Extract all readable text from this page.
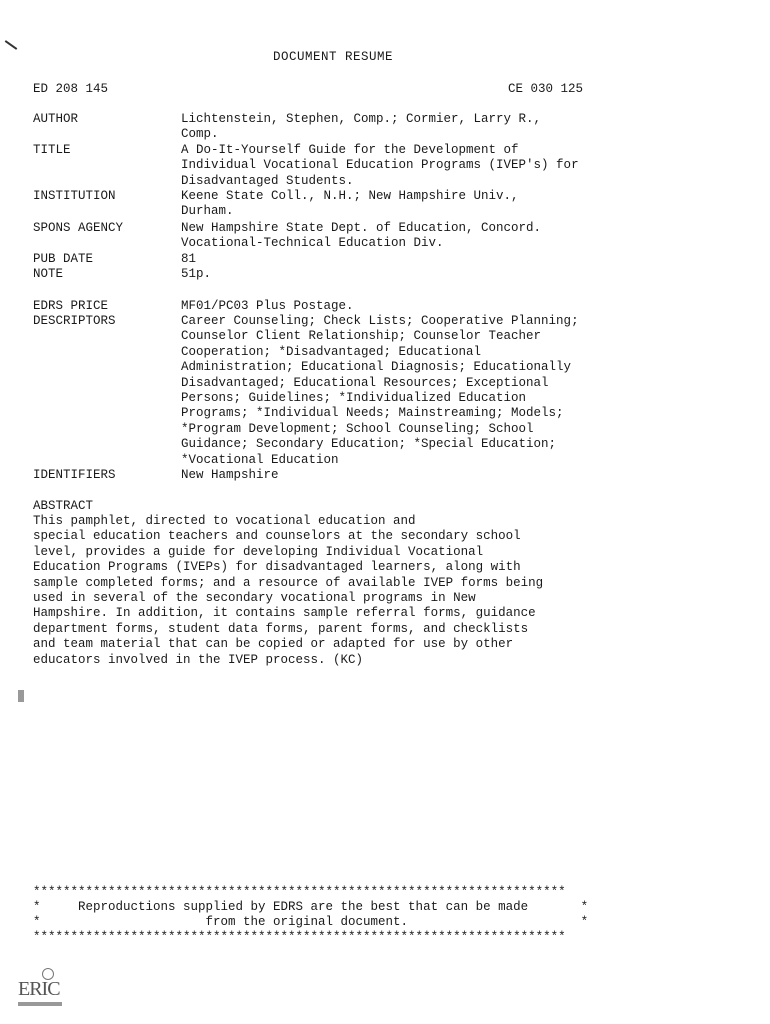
DOCUMENT RESUME
ED 208 145	CE 030 125
AUTHOR	Lichtenstein, Stephen, Comp.; Cormier, Larry R.,
Comp.
TITLE	A Do-It-Yourself Guide for the Development of
Individual Vocational Education Programs (IVEP's) for
Disadvantaged Students.
INSTITUTION	Keene State Coll., N.H.; New Hampshire Univ.,
Durham.
SPONS AGENCY	New Hampshire State Dept. of Education, Concord.
Vocational-Technical Education Div.
PUB DATE	81
NOTE	51p.
EDRS PRICE	MF01/PC03 Plus Postage.
DESCRIPTORS	Career Counseling; Check Lists; Cooperative Planning;
Counselor Client Relationship; Counselor Teacher
Cooperation; *Disadvantaged; Educational
Administration; Educational Diagnosis; Educationally
Disadvantaged; Educational Resources; Exceptional
Persons; Guidelines; *Individualized Education
Programs; *Individual Needs; Mainstreaming; Models;
*Program Development; School Counseling; School
Guidance; Secondary Education; *Special Education;
*Vocational Education
IDENTIFIERS	New Hampshire
ABSTRACT
This pamphlet, directed to vocational education and
special education teachers and counselors at the secondary school
level, provides a guide for developing Individual Vocational
Education Programs (IVEPs) for disadvantaged learners, along with
sample completed forms; and a resource of available IVEP forms being
used in several of the secondary vocational programs in New
Hampshire. In addition, it contains sample referral forms, guidance
department forms, student data forms, parent forms, and checklists
and team material that can be copied or adapted for use by other
educators involved in the IVEP process. (KC)
***********************************************************************
*     Reproductions supplied by EDRS are the best that can be made       *
*                      from the original document.                       *
***********************************************************************
ERIC
